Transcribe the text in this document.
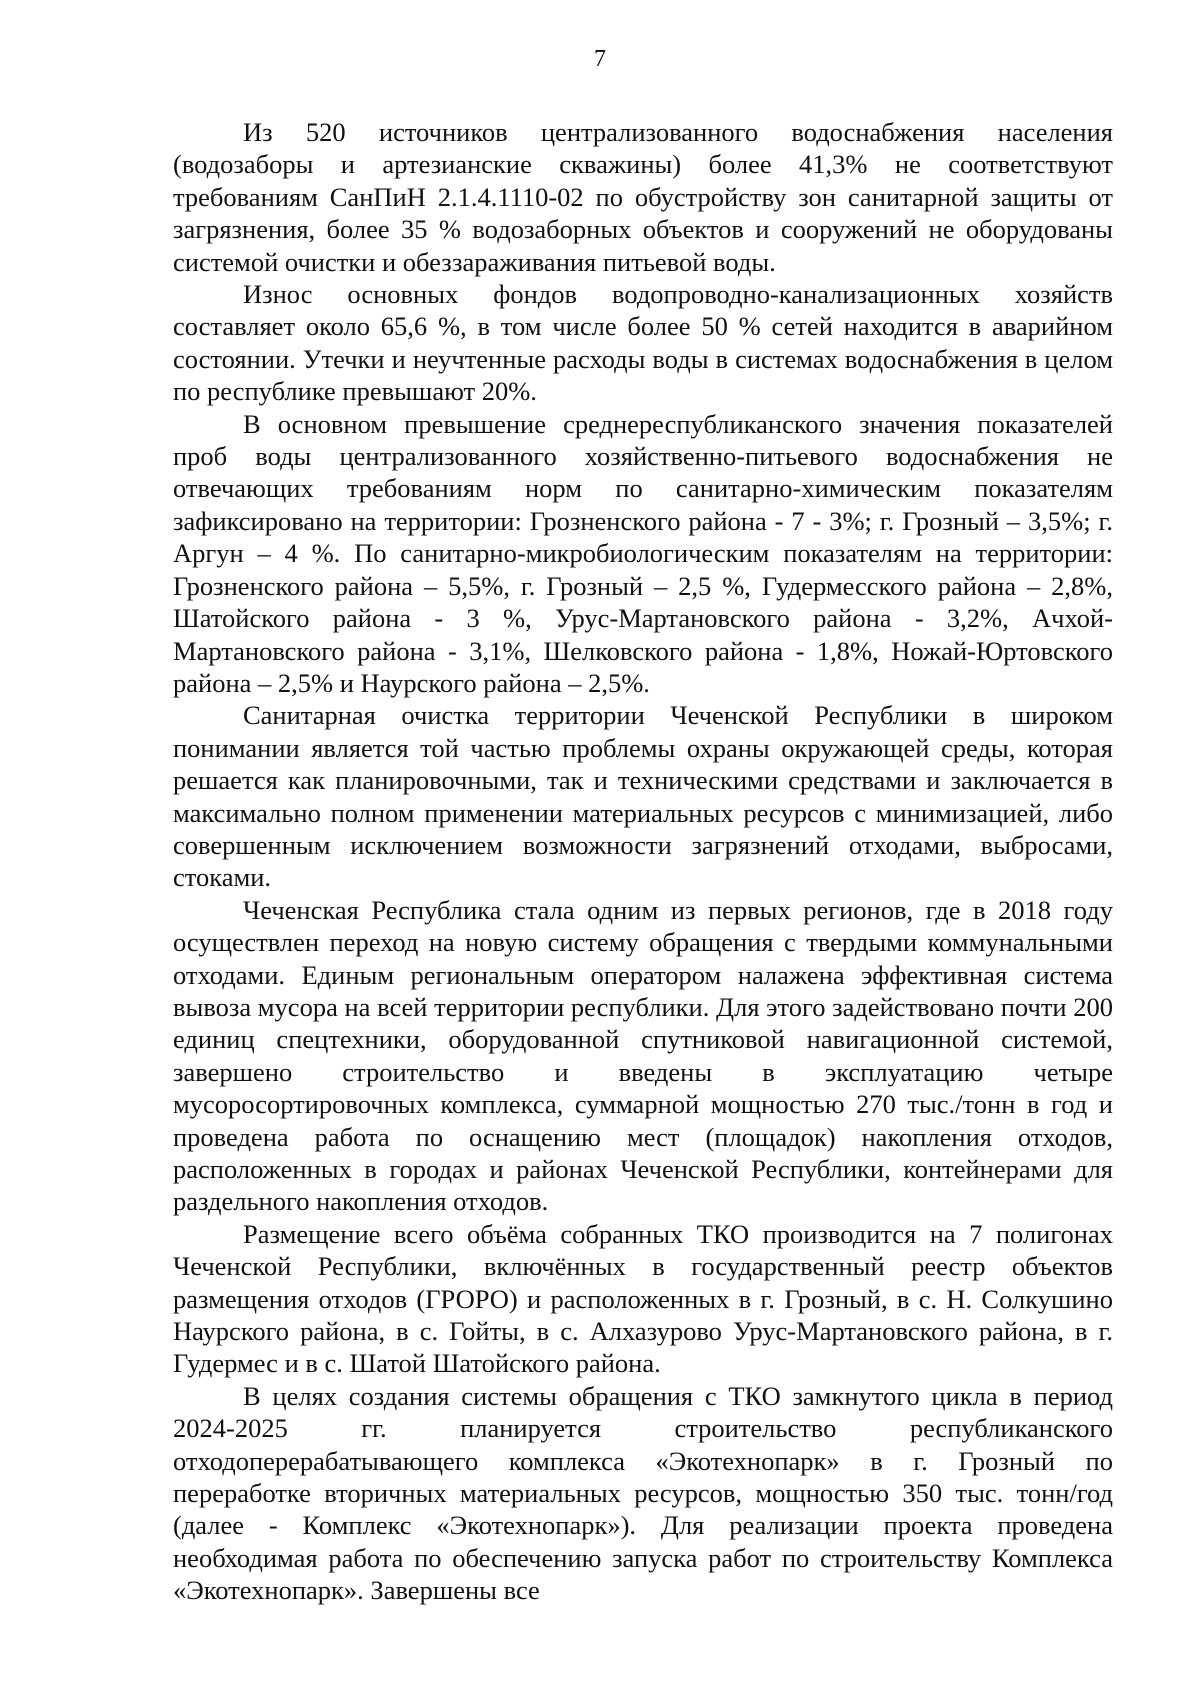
7

Из 520 источников централизованного водоснабжения населения (водозаборы и артезианские скважины) более 41,3% не соответствуют требованиям СанПиН 2.1.4.1110-02 по обустройству зон санитарной защиты от загрязнения, более 35 % водозаборных объектов и сооружений не оборудованы системой очистки и обеззараживания питьевой воды.

Износ основных фондов водопроводно-канализационных хозяйств составляет около 65,6 %, в том числе более 50 % сетей находится в аварийном состоянии. Утечки и неучтенные расходы воды в системах водоснабжения в целом по республике превышают 20%.

В основном превышение среднереспубликанского значения показателей проб воды централизованного хозяйственно-питьевого водоснабжения не отвечающих требованиям норм по санитарно-химическим показателям зафиксировано на территории: Грозненского района - 7 - 3%; г. Грозный – 3,5%; г. Аргун – 4 %. По санитарно-микробиологическим показателям на территории: Грозненского района – 5,5%, г. Грозный – 2,5 %, Гудермесского района – 2,8%, Шатойского района - 3 %, Урус-Мартановского района - 3,2%, Ачхой-Мартановского района - 3,1%, Шелковского района - 1,8%, Ножай-Юртовского района – 2,5% и Наурского района – 2,5%.

Санитарная очистка территории Чеченской Республики в широком понимании является той частью проблемы охраны окружающей среды, которая решается как планировочными, так и техническими средствами и заключается в максимально полном применении материальных ресурсов с минимизацией, либо совершенным исключением возможности загрязнений отходами, выбросами, стоками.

Чеченская Республика стала одним из первых регионов, где в 2018 году осуществлен переход на новую систему обращения с твердыми коммунальными отходами. Единым региональным оператором налажена эффективная система вывоза мусора на всей территории республики. Для этого задействовано почти 200 единиц спецтехники, оборудованной спутниковой навигационной системой, завершено строительство и введены в эксплуатацию четыре мусоросортировочных комплекса, суммарной мощностью 270 тыс./тонн в год и проведена работа по оснащению мест (площадок) накопления отходов, расположенных в городах и районах Чеченской Республики, контейнерами для раздельного накопления отходов.

Размещение всего объёма собранных ТКО производится на 7 полигонах Чеченской Республики, включённых в государственный реестр объектов размещения отходов (ГРОРО) и расположенных в г. Грозный, в с. Н. Солкушино Наурского района, в с. Гойты, в с. Алхазурово Урус-Мартановского района, в г. Гудермес и в с. Шатой Шатойского района.

В целях создания системы обращения с ТКО замкнутого цикла в период 2024-2025 гг. планируется строительство республиканского отходоперерабатывающего комплекса «Экотехнопарк» в г. Грозный по переработке вторичных материальных ресурсов, мощностью 350 тыс. тонн/год (далее - Комплекс «Экотехнопарк»). Для реализации проекта проведена необходимая работа по обеспечению запуска работ по строительству Комплекса «Экотехнопарк». Завершены все
